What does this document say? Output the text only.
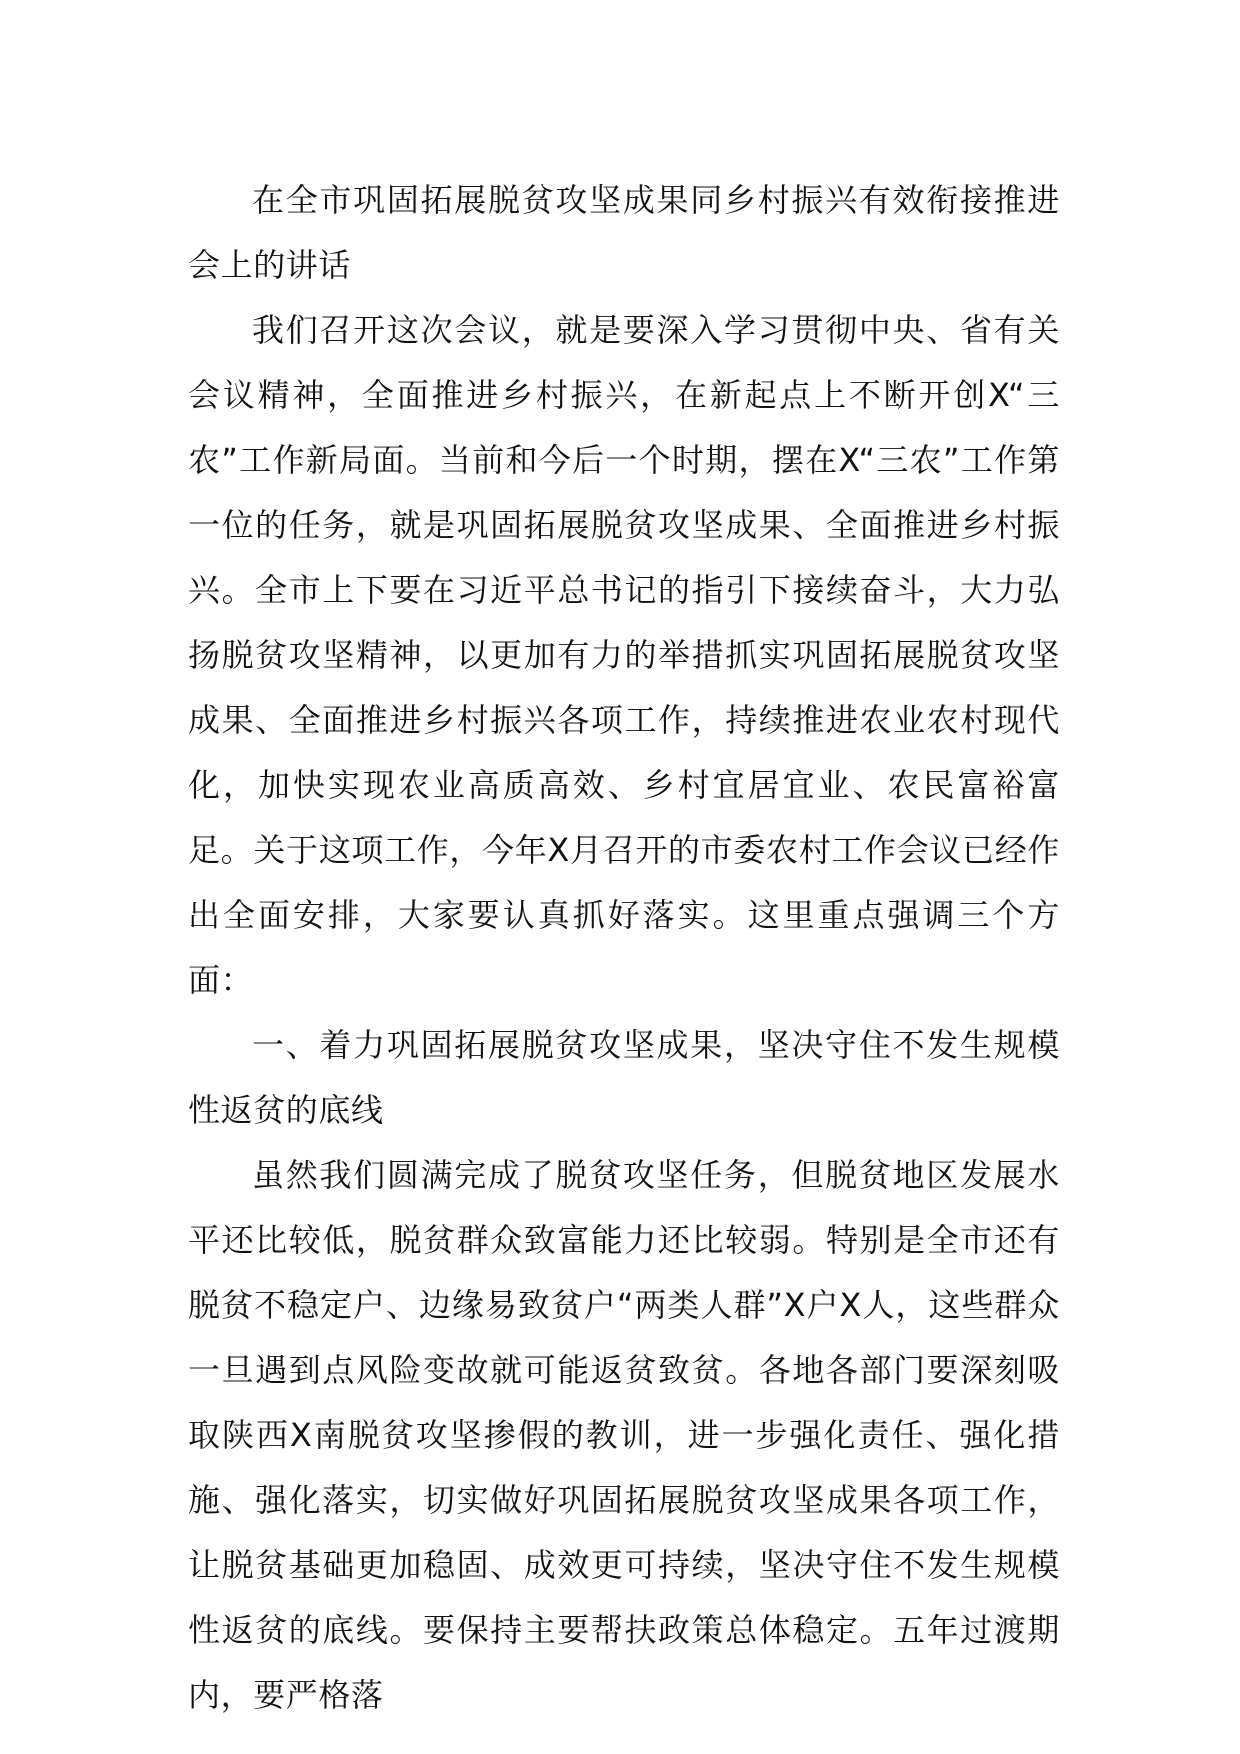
在全市巩固拓展脱贫攻坚成果同乡村振兴有效衔接推进会上的讲话

我们召开这次会议，就是要深入学习贯彻中央、省有关会议精神，全面推进乡村振兴，在新起点上不断开创X“三农”工作新局面。当前和今后一个时期，摆在X“三农”工作第一位的任务，就是巩固拓展脱贫攻坚成果、全面推进乡村振兴。全市上下要在习近平总书记的指引下接续奋斗，大力弘扬脱贫攻坚精神，以更加有力的举措抓实巩固拓展脱贫攻坚成果、全面推进乡村振兴各项工作，持续推进农业农村现代化，加快实现农业高质高效、乡村宜居宜业、农民富裕富足。关于这项工作，今年X月召开的市委农村工作会议已经作出全面安排，大家要认真抓好落实。这里重点强调三个方面：

一、着力巩固拓展脱贫攻坚成果，坚决守住不发生规模性返贫的底线

虽然我们圆满完成了脱贫攻坚任务，但脱贫地区发展水平还比较低，脱贫群众致富能力还比较弱。特别是全市还有脱贫不稳定户、边缘易致贫户“两类人群”X户X人，这些群众一旦遇到点风险变故就可能返贫致贫。各地各部门要深刻吸取陕西X南脱贫攻坚掺假的教训，进一步强化责任、强化措施、强化落实，切实做好巩固拓展脱贫攻坚成果各项工作，让脱贫基础更加稳固、成效更可持续，坚决守住不发生规模性返贫的底线。要保持主要帮扶政策总体稳定。五年过渡期内，要严格落
